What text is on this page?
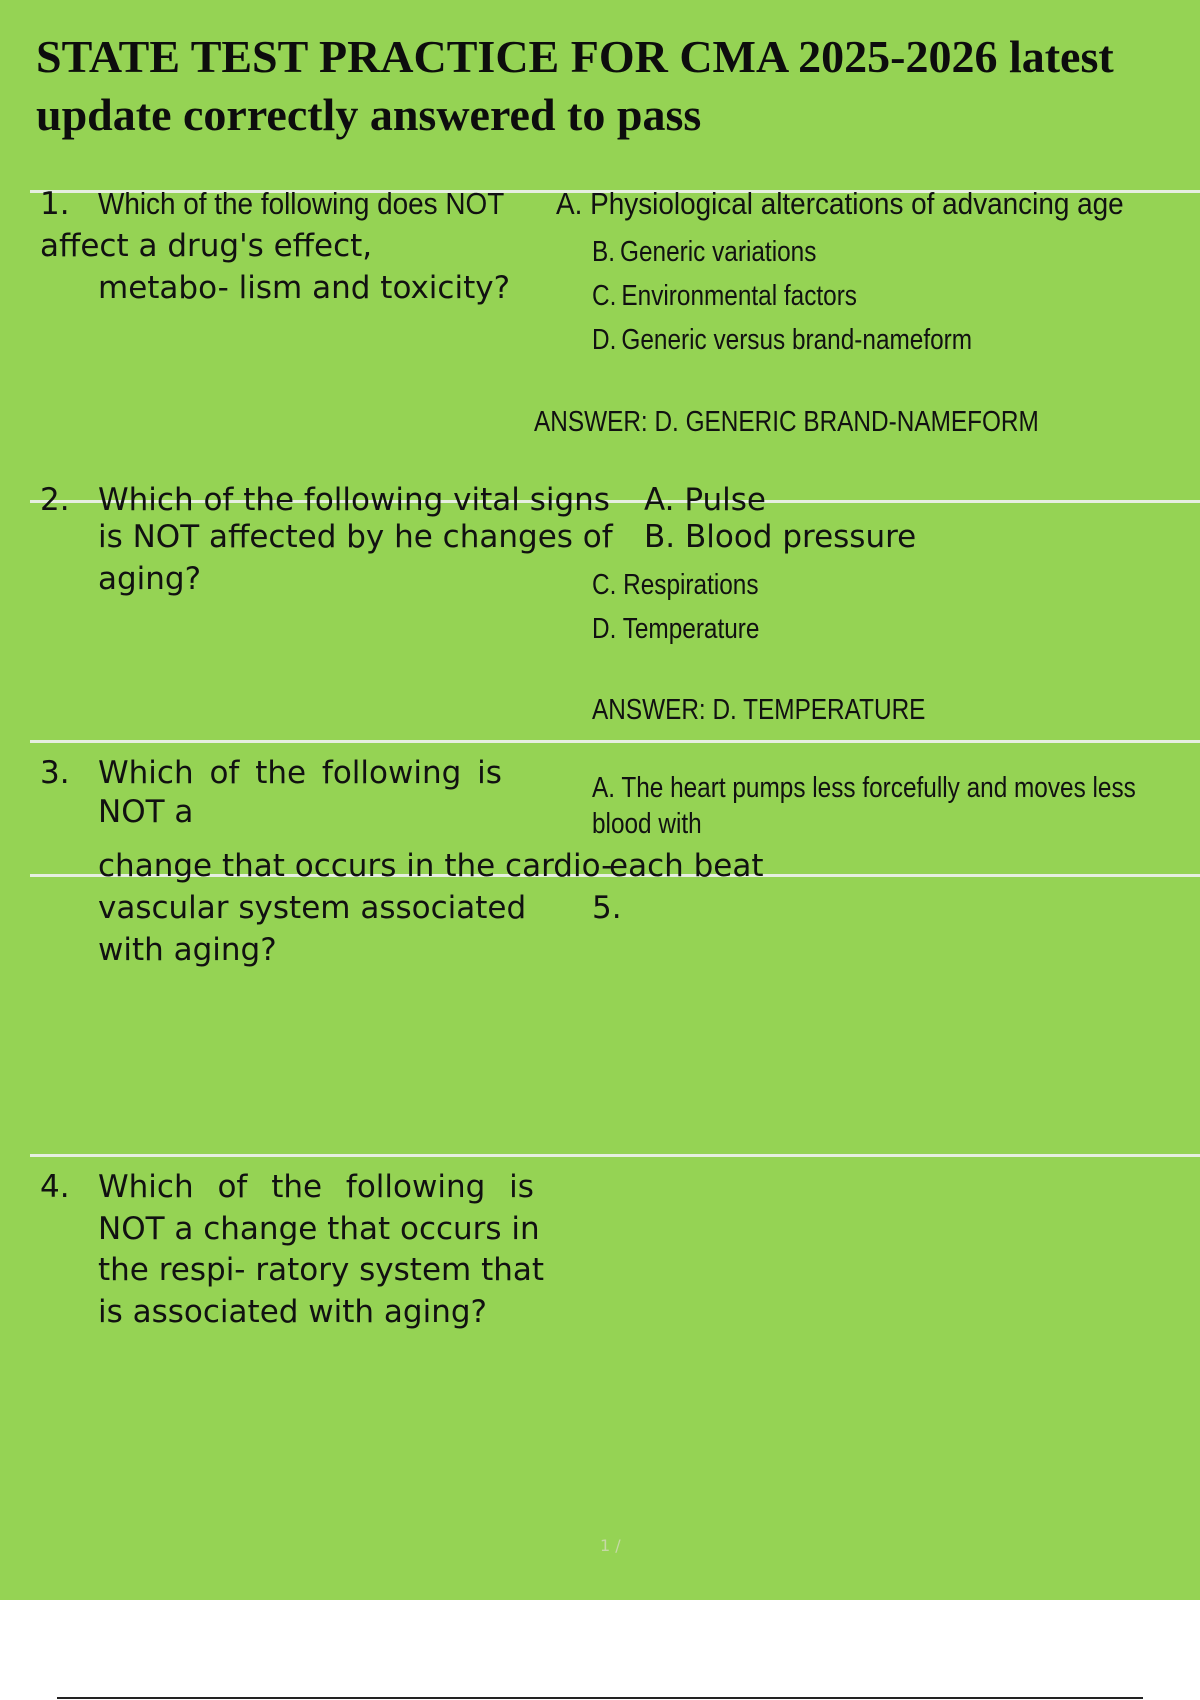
STATE TEST PRACTICE FOR CMA 2025-2026 latest update correctly answered to pass
1. Which of the following does NOT A. Physiological altercations of advancing age
affect a drug's effect,
metabo- lism and toxicity?
B. Generic variations
C. Environmental factors
D. Generic versus brand-nameform
ANSWER: D. GENERIC BRAND-NAMEFORM
2. Which of the following vital signs A. Pulse
is NOT affected by he changes of B. Blood pressure
aging?	C. Respirations
D. Temperature
ANSWER: D. TEMPERATURE
3. Which of the following is
NOT a
A. The heart pumps less forcefully and moves less
blood with
change that occurs in the cardio-
each beat
vascular system associated 5.
with aging?
4. Which of the following is
NOT a change that occurs in
the respi- ratory system that
is associated with aging?
1 /
